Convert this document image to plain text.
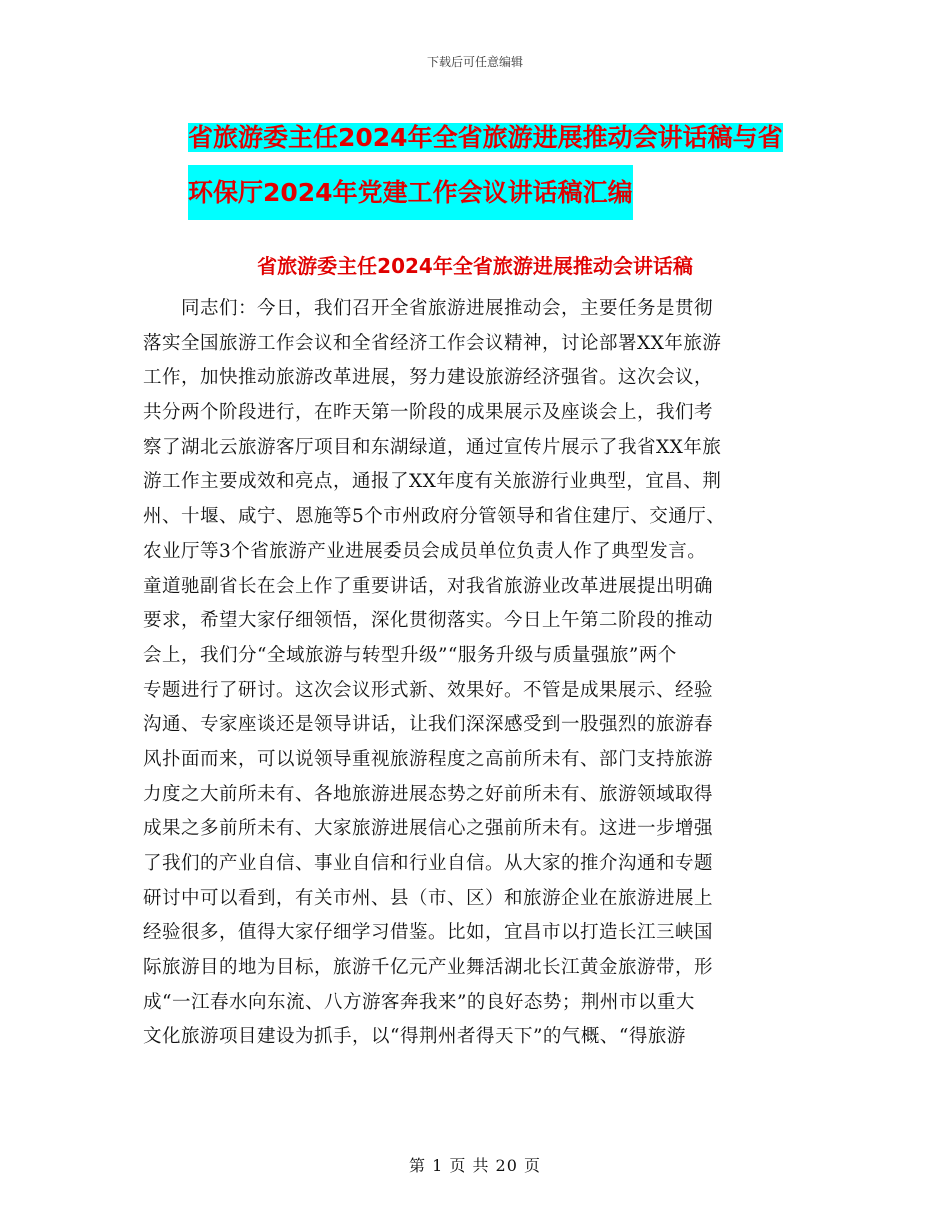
下载后可任意编辑
省旅游委主任2024年全省旅游进展推动会讲话稿与省
环保厅2024年党建工作会议讲话稿汇编
省旅游委主任2024年全省旅游进展推动会讲话稿
　　同志们：今日，我们召开全省旅游进展推动会，主要任务是贯彻
落实全国旅游工作会议和全省经济工作会议精神，讨论部署XX年旅游
工作，加快推动旅游改革进展，努力建设旅游经济强省。这次会议，
共分两个阶段进行，在昨天第一阶段的成果展示及座谈会上，我们考
察了湖北云旅游客厅项目和东湖绿道，通过宣传片展示了我省XX年旅
游工作主要成效和亮点，通报了XX年度有关旅游行业典型，宜昌、荆
州、十堰、咸宁、恩施等5个市州政府分管领导和省住建厅、交通厅、
农业厅等3个省旅游产业进展委员会成员单位负责人作了典型发言。
童道驰副省长在会上作了重要讲话，对我省旅游业改革进展提出明确
要求，希望大家仔细领悟，深化贯彻落实。今日上午第二阶段的推动
会上，我们分“全域旅游与转型升级”“服务升级与质量强旅”两个
专题进行了研讨。这次会议形式新、效果好。不管是成果展示、经验
沟通、专家座谈还是领导讲话，让我们深深感受到一股强烈的旅游春
风扑面而来，可以说领导重视旅游程度之高前所未有、部门支持旅游
力度之大前所未有、各地旅游进展态势之好前所未有、旅游领域取得
成果之多前所未有、大家旅游进展信心之强前所未有。这进一步增强
了我们的产业自信、事业自信和行业自信。从大家的推介沟通和专题
研讨中可以看到，有关市州、县（市、区）和旅游企业在旅游进展上
经验很多，值得大家仔细学习借鉴。比如，宜昌市以打造长江三峡国
际旅游目的地为目标，旅游千亿元产业舞活湖北长江黄金旅游带，形
成“一江春水向东流、八方游客奔我来”的良好态势；荆州市以重大
文化旅游项目建设为抓手，以“得荆州者得天下”的气概、“得旅游
第 1 页 共 20 页
